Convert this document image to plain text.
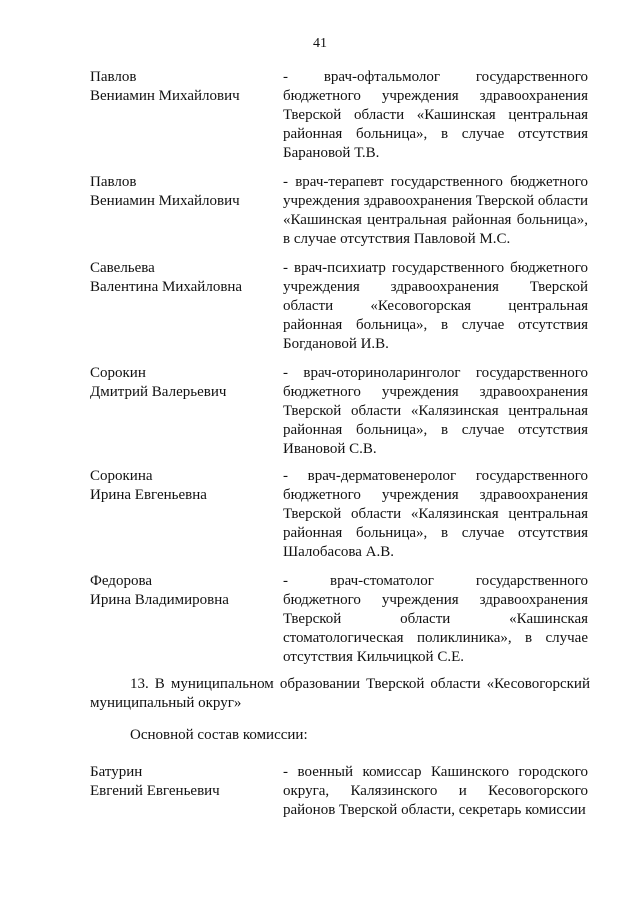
41
Павлов
Вениамин Михайлович
- врач-офтальмолог государственного
бюджетного учреждения здравоохранения
Тверской области «Кашинская центральная
районная больница», в случае отсутствия
Барановой Т.В.
Павлов
Вениамин Михайлович
- врач-терапевт государственного бюджетного
учреждения здравоохранения Тверской области
«Кашинская центральная районная больница»,
в случае отсутствия Павловой М.С.
Савельева
Валентина Михайловна
- врач-психиатр государственного бюджетного
учреждения здравоохранения Тверской
области «Кесовогорская центральная
районная больница», в случае отсутствия
Богдановой И.В.
Сорокин
Дмитрий Валерьевич
- врач-оториноларинголог государственного
бюджетного учреждения здравоохранения
Тверской области «Калязинская центральная
районная больница», в случае отсутствия
Ивановой С.В.
Сорокина
Ирина Евгеньевна
- врач-дерматовенеролог государственного
бюджетного учреждения здравоохранения
Тверской области «Калязинская центральная
районная больница», в случае отсутствия
Шалобасова А.В.
Федорова
Ирина Владимировна
- врач-стоматолог государственного
бюджетного учреждения здравоохранения
Тверской области «Кашинская
стоматологическая поликлиника», в случае
отсутствия Кильчицкой С.Е.
13. В муниципальном образовании Тверской области «Кесовогорский
муниципальный округ»
Основной состав комиссии:
Батурин
Евгений Евгеньевич
- военный комиссар Кашинского городского
округа, Калязинского и Кесовогорского
районов Тверской области, секретарь комиссии
